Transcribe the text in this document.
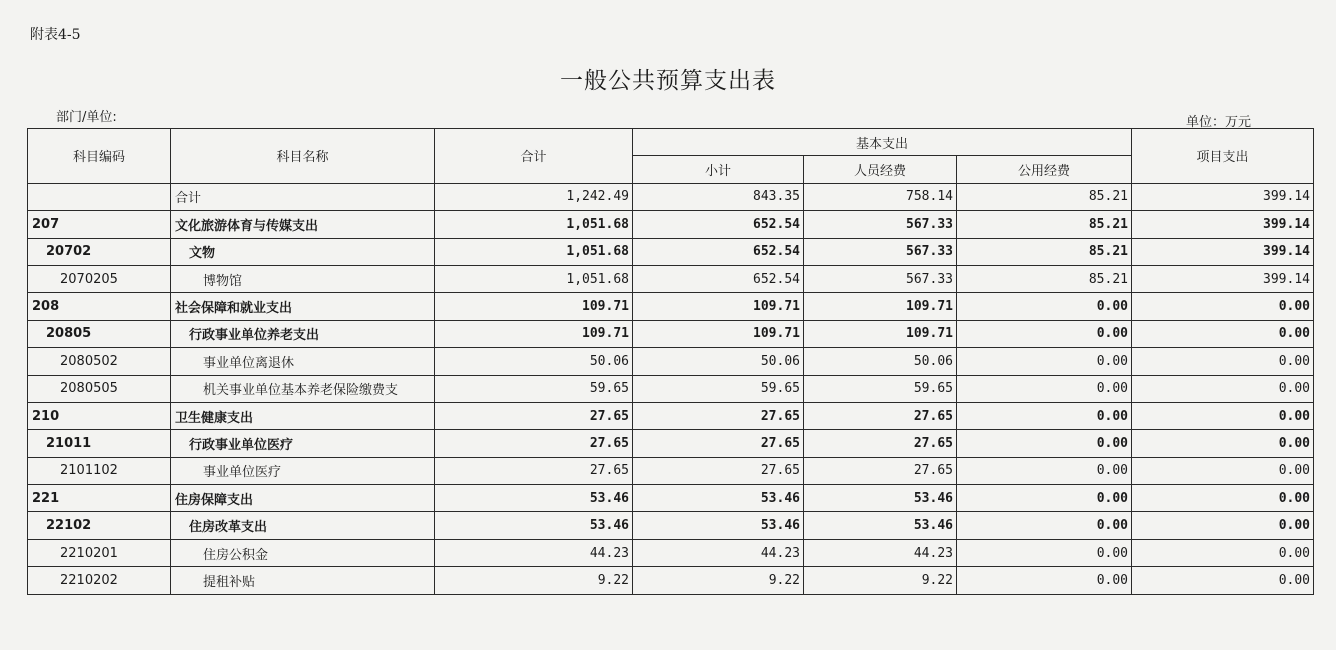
附表4-5
一般公共预算支出表
部门/单位:	单位：万元
科目编码	科目名称	合计	基本支出			项目支出
			小计	人员经费	公用经费	
	合计	1,242.49	843.35	758.14	85.21	399.14
207	文化旅游体育与传媒支出	1,051.68	652.54	567.33	85.21	399.14
20702	文物	1,051.68	652.54	567.33	85.21	399.14
2070205	博物馆	1,051.68	652.54	567.33	85.21	399.14
208	社会保障和就业支出	109.71	109.71	109.71	0.00	0.00
20805	行政事业单位养老支出	109.71	109.71	109.71	0.00	0.00
2080502	事业单位离退休	50.06	50.06	50.06	0.00	0.00
2080505	机关事业单位基本养老保险缴费支	59.65	59.65	59.65	0.00	0.00
210	卫生健康支出	27.65	27.65	27.65	0.00	0.00
21011	行政事业单位医疗	27.65	27.65	27.65	0.00	0.00
2101102	事业单位医疗	27.65	27.65	27.65	0.00	0.00
221	住房保障支出	53.46	53.46	53.46	0.00	0.00
22102	住房改革支出	53.46	53.46	53.46	0.00	0.00
2210201	住房公积金	44.23	44.23	44.23	0.00	0.00
2210202	提租补贴	9.22	9.22	9.22	0.00	0.00
